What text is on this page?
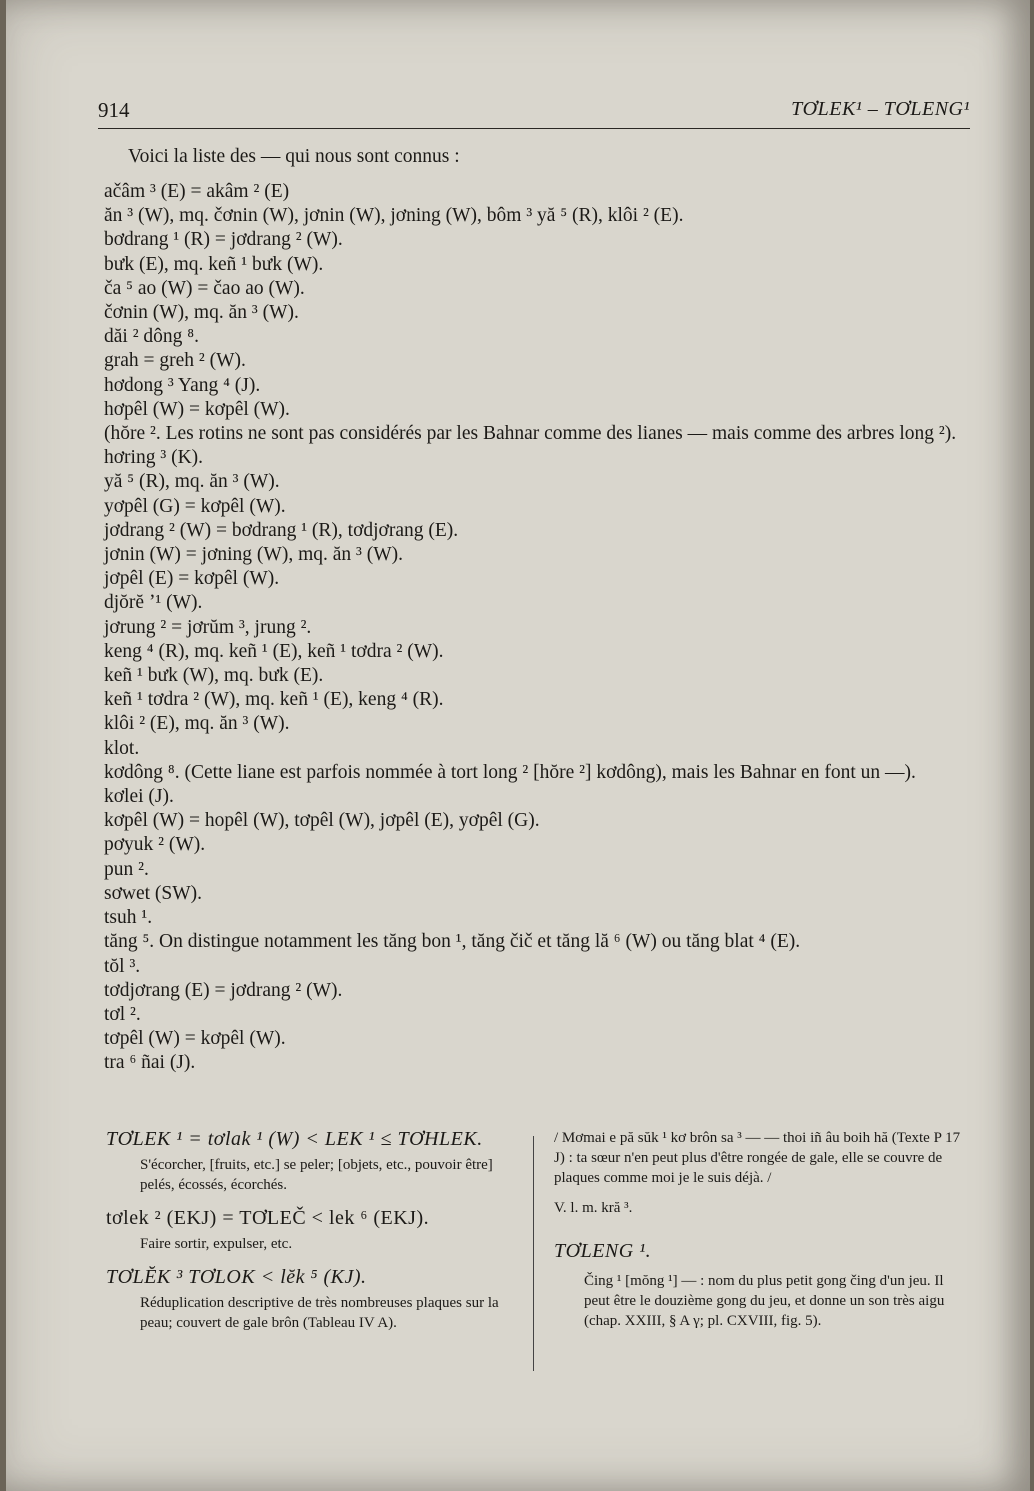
914	TƠLEK¹ – TƠLENG¹
Voici la liste des — qui nous sont connus :
ačâm ³ (E) = akâm ² (E)
ăn ³ (W), mq. čơnin (W), jơnin (W), jơning (W), bôm ³ yă ⁵ (R), klôi ² (E).
bơdrang ¹ (R) = jơdrang ² (W).
bưk (E), mq. keñ ¹ bưk (W).
ča ⁵ ao (W) = čao ao (W).
čơnin (W), mq. ăn ³ (W).
dăi ² dông ⁸.
grah = greh ² (W).
hơdong ³ Yang ⁴ (J).
hơpêl (W) = kơpêl (W).
(hŏre ². Les rotins ne sont pas considérés par les Bahnar comme des lianes — mais comme des arbres long ²).
hơring ³ (K).
yă ⁵ (R), mq. ăn ³ (W).
yơpêl (G) = kơpêl (W).
jơdrang ² (W) = bơdrang ¹ (R), tơdjơrang (E).
jơnin (W) = jơning (W), mq. ăn ³ (W).
jơpêl (E) = kơpêl (W).
djŏrĕ ʼ¹ (W).
jơrung ² = jơrŭm ³, jrung ².
keng ⁴ (R), mq. keñ ¹ (E), keñ ¹ tơdra ² (W).
keñ ¹ bưk (W), mq. bưk (E).
keñ ¹ tơdra ² (W), mq. keñ ¹ (E), keng ⁴ (R).
klôi ² (E), mq. ăn ³ (W).
klot.
kơdông ⁸. (Cette liane est parfois nommée à tort long ² [hŏre ²] kơdông), mais les Bahnar en font un —).
kơlei (J).
kơpêl (W) = hopêl (W), tơpêl (W), jơpêl (E), yơpêl (G).
pơyuk ² (W).
pun ².
sơwet (SW).
tsuh ¹.
tăng ⁵. On distingue notamment les tăng bon ¹, tăng čič et tăng lă ⁶ (W) ou tăng blat ⁴ (E).
tŏl ³.
tơdjơrang (E) = jơdrang ² (W).
tơl ².
tơpêl (W) = kơpêl (W).
tra ⁶ ñai (J).

TƠLEK ¹ = tơlak ¹ (W) < LEK ¹ ≤ TƠHLEK.

S'écorcher, [fruits, etc.] se peler; [objets, etc., pouvoir être] pelés, écossés, écorchés.

tơlek ² (EKJ) = TƠLEČ < lek ⁶ (EKJ).

Faire sortir, expulser, etc.

TƠLĔK ³ TƠLOK < lĕk ⁵ (KJ).

Réduplication descriptive de très nombreuses plaques sur la peau; couvert de gale brôn (Tableau IV A).

/ Mơmai e pă sŭk ¹ kơ brôn sa ³ — — thoi iñ âu boih hă (Texte P 17 J) : ta sœur n'en peut plus d'être rongée de gale, elle se couvre de plaques comme moi je le suis déjà. /

V. l. m. kră ³.

TƠLENG ¹.

Čing ¹ [mŏng ¹] — : nom du plus petit gong čing d'un jeu. Il peut être le douzième gong du jeu, et donne un son très aigu (chap. XXIII, § A γ; pl. CXVIII, fig. 5).
